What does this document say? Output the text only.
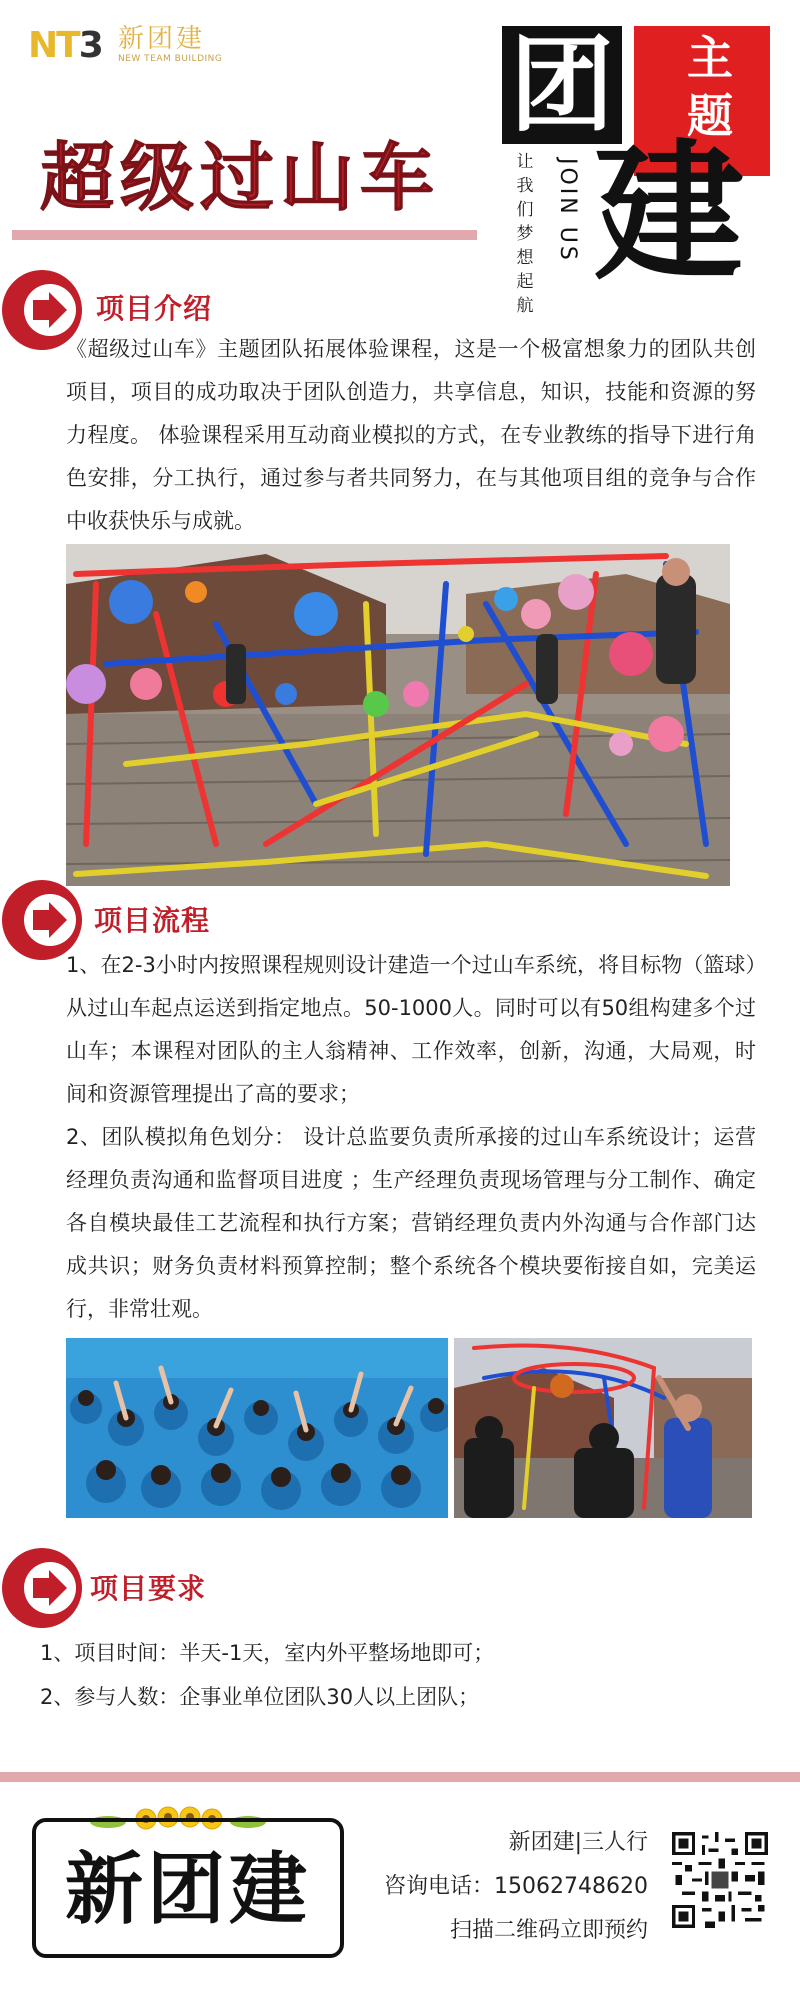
NT3 新团建
NEW TEAM BUILDING
超级过山车
团 主
题
建
让我们梦想起航
JOIN US
项目介绍
《超级过山车》主题团队拓展体验课程，这是一个极富想象力的团队共创项目，项目的成功取决于团队创造力，共享信息，知识，技能和资源的努力程度。 体验课程采用互动商业模拟的方式，在专业教练的指导下进行角色安排，分工执行，通过参与者共同努力，在与其他项目组的竞争与合作中收获快乐与成就。
项目流程
1、在2-3小时内按照课程规则设计建造一个过山车系统，将目标物（篮球）从过山车起点运送到指定地点。50-1000人。同时可以有50组构建多个过山车；本课程对团队的主人翁精神、工作效率，创新，沟通，大局观，时间和资源管理提出了高的要求；
2、团队模拟角色划分： 设计总监要负责所承接的过山车系统设计；运营经理负责沟通和监督项目进度 ；生产经理负责现场管理与分工制作、确定各自模块最佳工艺流程和执行方案；营销经理负责内外沟通与合作部门达成共识；财务负责材料预算控制；整个系统各个模块要衔接自如，完美运行，非常壮观。
项目要求
1、项目时间：半天-1天，室内外平整场地即可；
2、参与人数：企事业单位团队30人以上团队；
新团建
新团建|三人行
咨询电话：15062748620
扫描二维码立即预约
